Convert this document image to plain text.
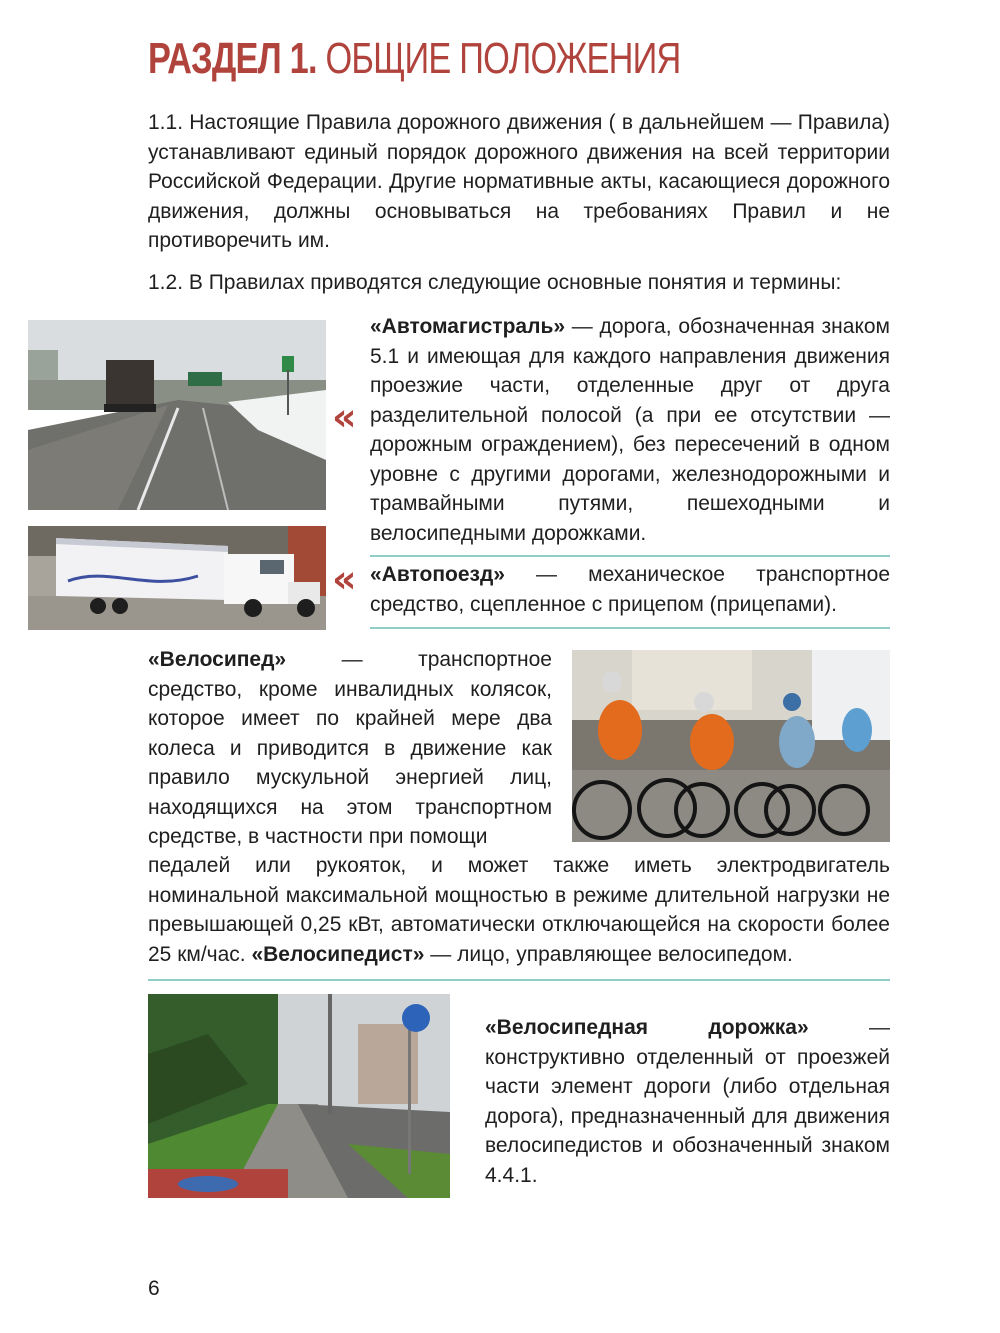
РАЗДЕЛ 1. ОБЩИЕ ПОЛОЖЕНИЯ
1.1. Настоящие Правила дорожного движения ( в дальнейшем — Правила) устанавливают единый порядок дорожного движения на всей территории Российской Федерации. Другие нормативные акты, касающиеся дорожного движения, должны основываться на требованиях Правил и не противоречить им.
1.2. В Правилах приводятся следующие основные понятия и термины:
«
«Автомагистраль» — дорога, обозначенная знаком 5.1 и имеющая для каждого направления движения проезжие части, отделенные друг от друга разделительной полосой (а при ее отсутствии — дорожным ограждением), без пересечений в одном уровне с другими дорогами, железнодорожными и трамвайными путями, пешеходными и велосипедными дорожками.
« «Автопоезд» — механическое транспортное средство, сцепленное с прицепом (прицепами).
«Велосипед» — транспортное средство, кроме инвалидных колясок, которое имеет по крайней мере два колеса и приводится в движение как правило мускульной энергией лиц, находящихся на этом транспортном средстве, в частности при помощи
педалей или рукояток, и может также иметь электродвигатель номинальной максимальной мощностью в режиме длительной нагрузки не превышающей 0,25 кВт, автоматически отключающейся на скорости более 25 км/час. «Велосипедист» — лицо, управляющее велосипедом.
«Велосипедная дорожка» — конструктивно отделенный от проезжей части элемент дороги (либо отдельная дорога), предназначенный для движения велосипедистов и обозначенный знаком 4.4.1.
6
